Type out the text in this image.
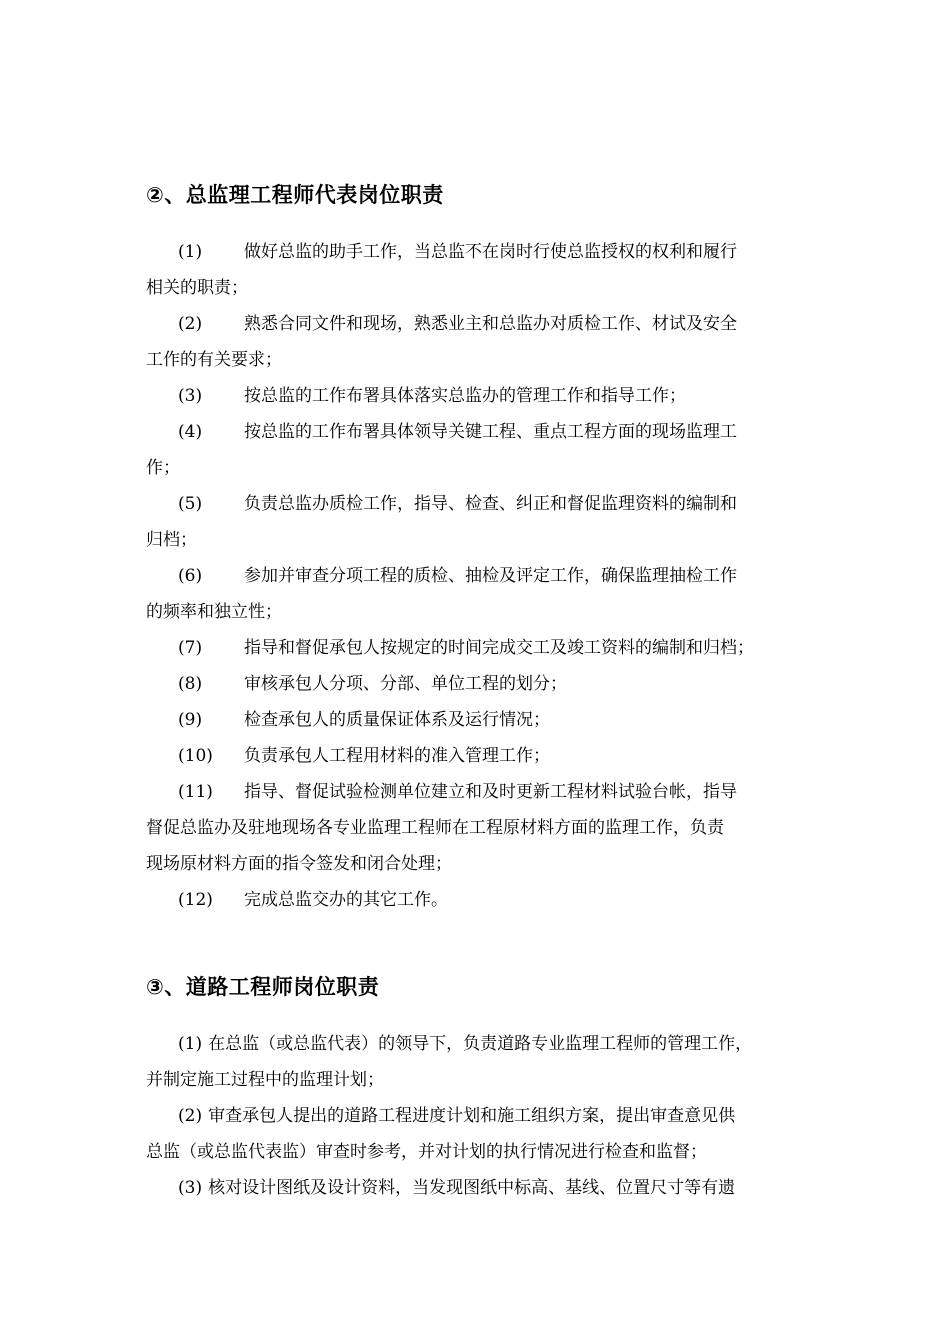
②、总监理工程师代表岗位职责
(1) 做好总监的助手工作，当总监不在岗时行使总监授权的权利和履行
相关的职责；
(2) 熟悉合同文件和现场，熟悉业主和总监办对质检工作、材试及安全
工作的有关要求；
(3) 按总监的工作布署具体落实总监办的管理工作和指导工作；
(4) 按总监的工作布署具体领导关键工程、重点工程方面的现场监理工
作；
(5) 负责总监办质检工作，指导、检查、纠正和督促监理资料的编制和
归档；
(6) 参加并审查分项工程的质检、抽检及评定工作，确保监理抽检工作
的频率和独立性；
(7) 指导和督促承包人按规定的时间完成交工及竣工资料的编制和归档；
(8) 审核承包人分项、分部、单位工程的划分；
(9) 检查承包人的质量保证体系及运行情况；
(10) 负责承包人工程用材料的准入管理工作；
(11) 指导、督促试验检测单位建立和及时更新工程材料试验台帐，指导
督促总监办及驻地现场各专业监理工程师在工程原材料方面的监理工作，负责
现场原材料方面的指令签发和闭合处理；
(12) 完成总监交办的其它工作。
③、道路工程师岗位职责
(1) 在总监（或总监代表）的领导下，负责道路专业监理工程师的管理工作，
并制定施工过程中的监理计划；
(2) 审查承包人提出的道路工程进度计划和施工组织方案，提出审查意见供
总监（或总监代表监）审查时参考，并对计划的执行情况进行检查和监督；
(3) 核对设计图纸及设计资料，当发现图纸中标高、基线、位置尺寸等有遗
